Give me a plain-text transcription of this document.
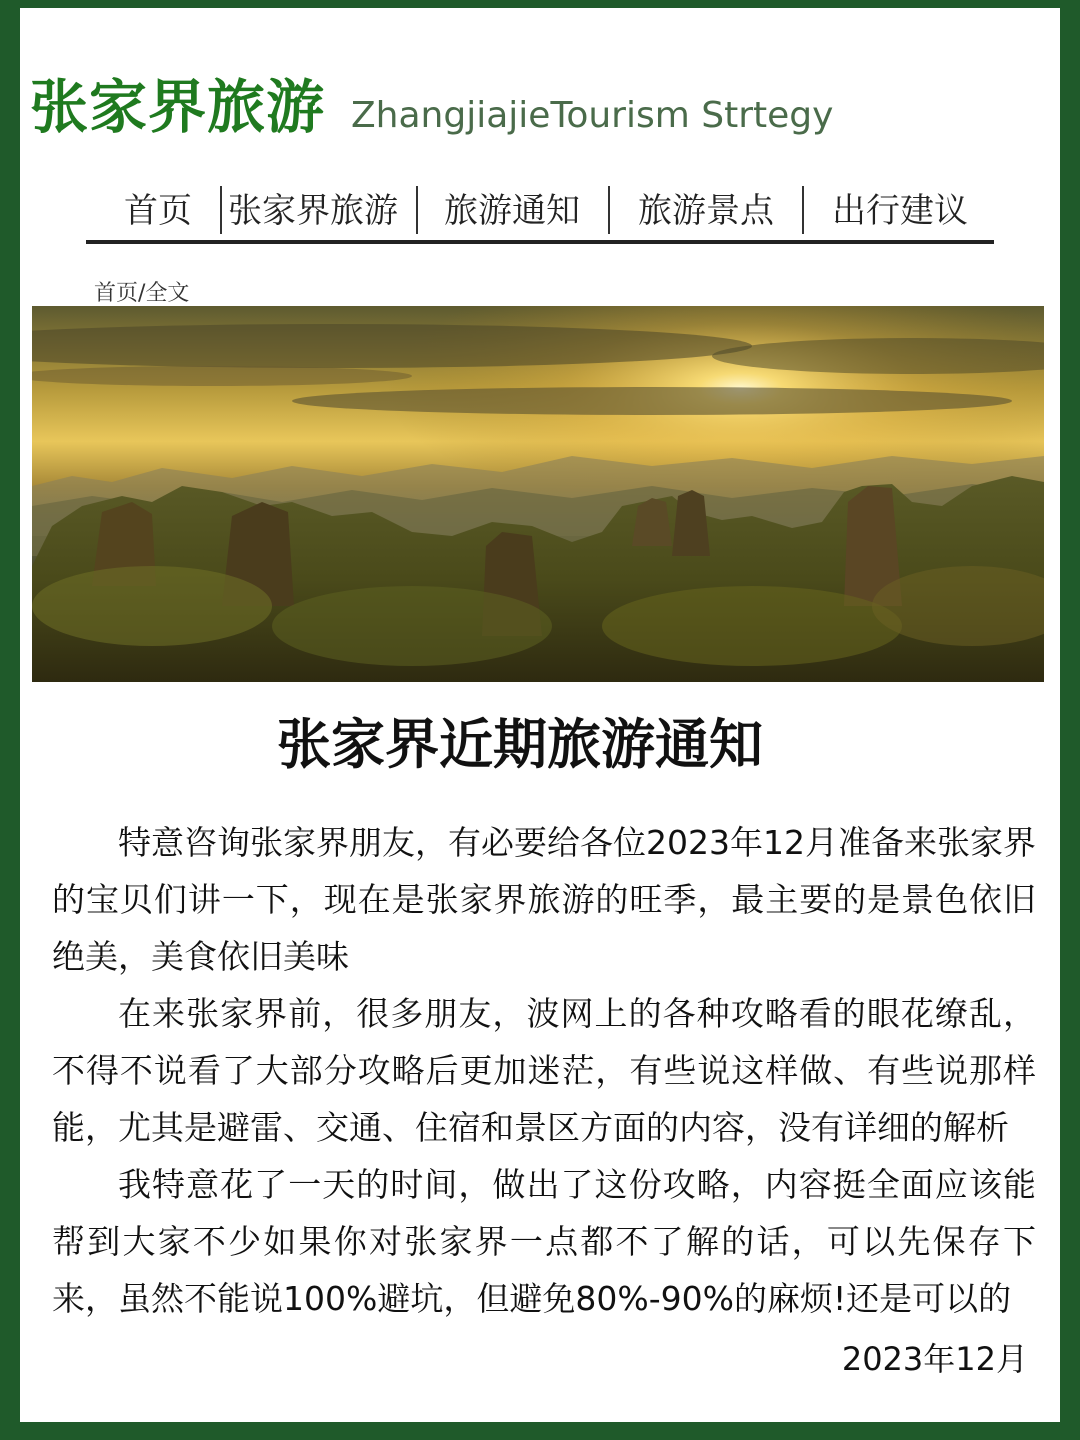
张家界旅游 ZhangjiajieTourism Strtegy
首页 张家界旅游 旅游通知 旅游景点 出行建议
首页/全文
张家界近期旅游通知

特意咨询张家界朋友，有必要给各位2023年12月准备来张家界的宝贝们讲一下，现在是张家界旅游的旺季，最主要的是景色依旧绝美，美食依旧美味

在来张家界前，很多朋友，波网上的各种攻略看的眼花缭乱，不得不说看了大部分攻略后更加迷茫，有些说这样做、有些说那样能，尤其是避雷、交通、住宿和景区方面的内容，没有详细的解析

我特意花了一天的时间，做出了这份攻略，内容挺全面应该能帮到大家不少如果你对张家界一点都不了解的话，可以先保存下来，虽然不能说100%避坑，但避免80%-90%的麻烦!还是可以的

2023年12月
